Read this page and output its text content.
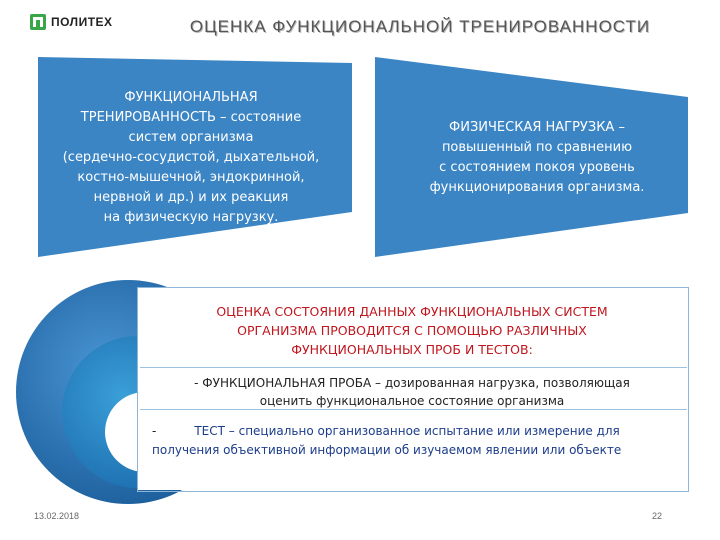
ПОЛИТЕХ	ОЦЕНКА ФУНКЦИОНАЛЬНОЙ ТРЕНИРОВАННОСТИ
ФУНКЦИОНАЛЬНАЯ
ТРЕНИРОВАННОСТЬ – состояние
систем организма
(сердечно-сосудистой, дыхательной,
костно-мышечной, эндокринной,
нервной и др.) и их реакция
на физическую нагрузку.
ФИЗИЧЕСКАЯ НАГРУЗКА –
повышенный по сравнению
с состоянием покоя уровень
функционирования организма.
ОЦЕНКА СОСТОЯНИЯ ДАННЫХ ФУНКЦИОНАЛЬНЫХ СИСТЕМ
ОРГАНИЗМА ПРОВОДИТСЯ С ПОМОЩЬЮ РАЗЛИЧНЫХ
ФУНКЦИОНАЛЬНЫХ ПРОБ И ТЕСТОВ:
- ФУНКЦИОНАЛЬНАЯ ПРОБА – дозированная нагрузка, позволяющая
оценить функциональное состояние организма
-	ТЕСТ – специально организованное испытание или измерение для
получения объективной информации об изучаемом явлении или объекте
13.02.2018	22
